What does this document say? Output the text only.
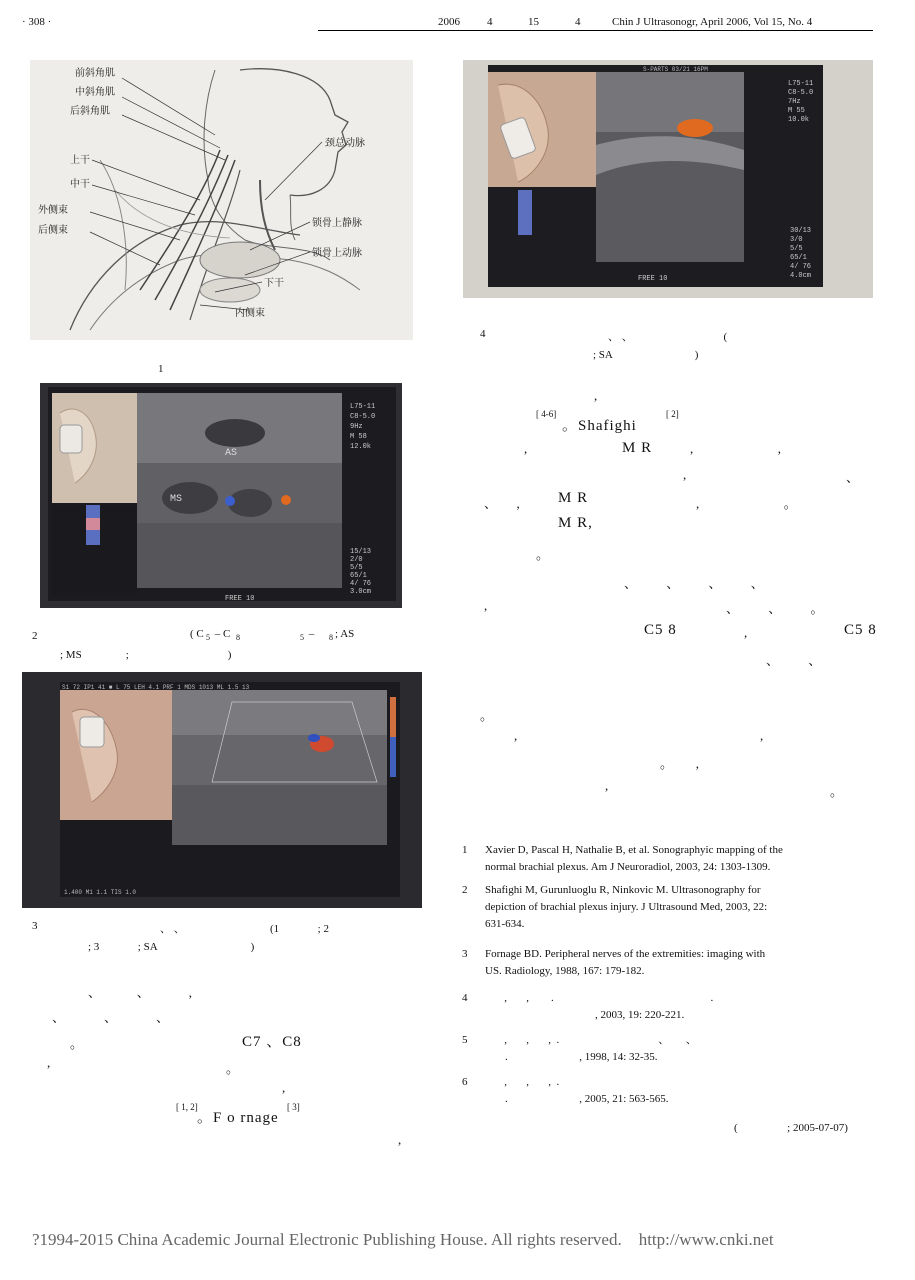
· 308 ·	2006 4	15	4	Chin J Ultrasonogr, April 2006, Vol 15, No. 4
前斜角肌
中斜角肌
后斜角肌
上干
中干
外侧束
后侧束
颈总动脉
锁骨上静脉
锁骨上动脉
下干
内侧束
1
AS
MS
L75-11
C8-5.0
9Hz
M 58
12.0k
15/13
2/0
5/5
65/1
4/ 76
3.0cm
FREE 10
2	( C 5 – C 8	5 – 8 ; AS
; MS                ;                                    )
S1 72 IP1 41 ■ L 75 LEH 4.1 PRF 1 MDS 1013 ML 1.5 13
1.400 M1 1.1 TIS 1.0
3	、 、                               (1              ; 2
; 3              ; SA                                  )
S-PARTS 03/21 16PM
L75-11
C8-5.0
7Hz
M 55
10.0k
30/13
3/0
5/5
65/1
4/ 76
4.0cm
FREE 10
4	、 、                                 (
; SA                              )
、           、            ,
、            、            、
。	C7 、C8
,	。
,
[ 1, 2]
。F o rnage
[ 3]
,
,
[ 4-6]
。Shafighi
[ 2]
,	M R	,                          ,
,	、
、      ,	M R	,                          。
M R,
。
、         、         、         、
,	、         、         。
C5 8	,	C5 8
、         、
。
,	,
。       ,
,	。
1 Xavier D, Pascal H, Nathalie B, et al. Sonographyic mapping of the
normal brachial plexus. Am J Neuroradiol, 2003, 24: 1303-1309.
2 Shafighi M, Gurunluoglu R, Ninkovic M. Ultrasonography for
depiction of brachial plexus injury. J Ultrasound Med, 2003, 22:
631-634.
3 Fornage BD. Peripheral nerves of the extremities: imaging with
US. Radiology, 1988, 167: 179-182.
4 ,       ,        .                                                         .
, 2003, 19: 220-221.
5 ,       ,       ,  .                                    、      、
.                          , 1998, 14: 32-35.
6 ,       ,       ,  .
.                          , 2005, 21: 563-565.
(                  ; 2005-07-07)
?1994-2015 China Academic Journal Electronic Publishing House. All rights reserved.    http://www.cnki.net
